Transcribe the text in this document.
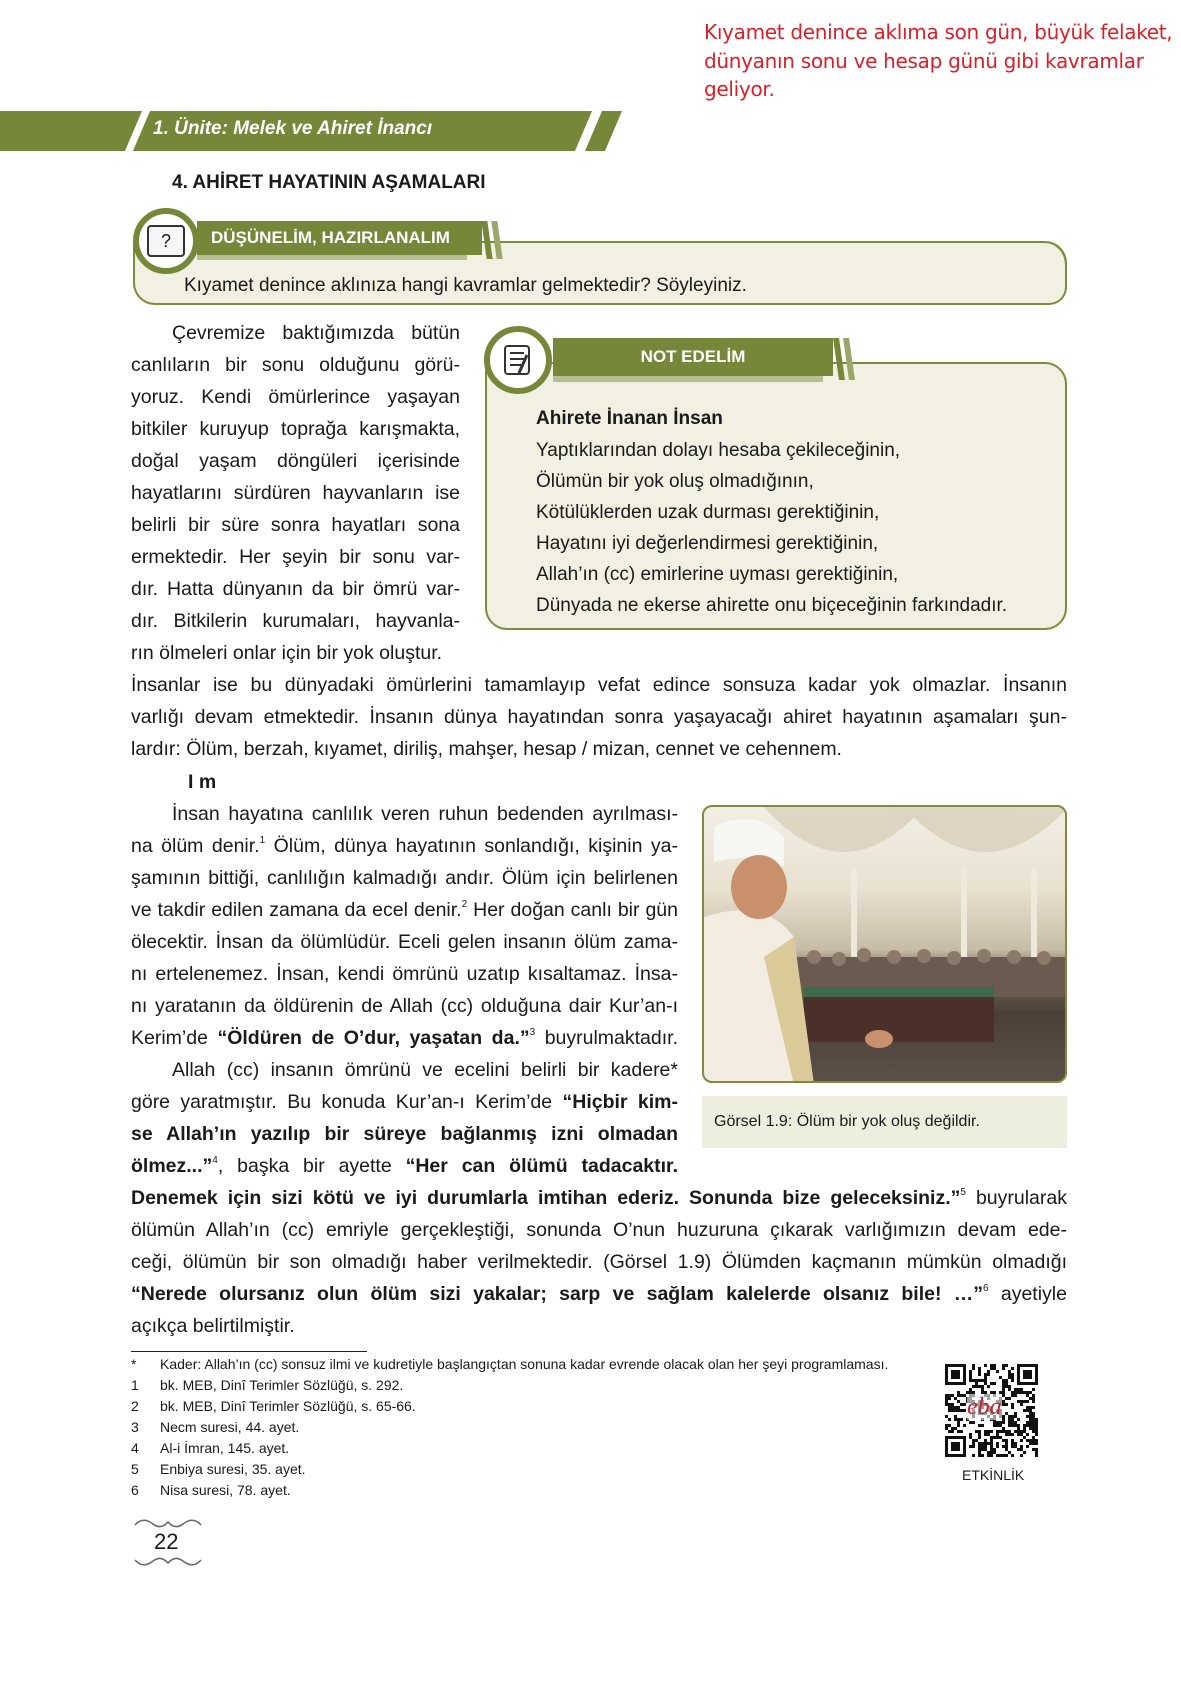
Kıyamet denince aklıma son gün, büyük felaket,
dünyanın sonu ve hesap günü gibi kavramlar
geliyor.
1. Ünite: Melek ve Ahiret İnancı
4. AHİRET HAYATININ AŞAMALARI
DÜŞÜNELİM, HAZIRLANALIM
?
Kıyamet denince aklınıza hangi kavramlar gelmektedir? Söyleyiniz.
NOT EDELİM
Ahirete İnanan İnsan
Yaptıklarından dolayı hesaba çekileceğinin,
Ölümün bir yok oluş olmadığının,
Kötülüklerden uzak durması gerektiğinin,
Hayatını iyi değerlendirmesi gerektiğinin,
Allah’ın (cc) emirlerine uyması gerektiğinin,
Dünyada ne ekerse ahirette onu biçeceğinin farkındadır.
Çevremize baktığımızda bütün
canlıların bir sonu olduğunu görü-
yoruz. Kendi ömürlerince yaşayan
bitkiler kuruyup toprağa karışmakta,
doğal yaşam döngüleri içerisinde
hayatlarını sürdüren hayvanların ise
belirli bir süre sonra hayatları sona
ermektedir. Her şeyin bir sonu var-
dır. Hatta dünyanın da bir ömrü var-
dır. Bitkilerin kurumaları, hayvanla-
rın ölmeleri onlar için bir yok oluştur.
İnsanlar ise bu dünyadaki ömürlerini tamamlayıp vefat edince sonsuza kadar yok olmazlar. İnsanın
varlığı devam etmektedir. İnsanın dünya hayatından sonra yaşayacağı ahiret hayatının aşamaları şun-
lardır: Ölüm, berzah, kıyamet, diriliş, mahşer, hesap / mizan, cennet ve cehennem.
I m
İnsan hayatına canlılık veren ruhun bedenden ayrılması-
na ölüm denir.$^1$ Ölüm, dünya hayatının sonlandığı, kişinin ya-
şamının bittiği, canlılığın kalmadığı andır. Ölüm için belirlenen
ve takdir edilen zamana da ecel denir.$^2$ Her doğan canlı bir gün
ölecektir. İnsan da ölümlüdür. Eceli gelen insanın ölüm zama-
nı ertelenemez. İnsan, kendi ömrünü uzatıp kısaltamaz. İnsa-
nı yaratanın da öldürenin de Allah (cc) olduğuna dair Kur’an-ı
Kerim’de “Öldüren de O’dur, yaşatan da.”$^3$ buyrulmaktadır.
Allah (cc) insanın ömrünü ve ecelini belirli bir kadere*
göre yaratmıştır. Bu konuda Kur’an-ı Kerim’de “Hiçbir kim-
se Allah’ın yazılıp bir süreye bağlanmış izni olmadan
ölmez...”$^4$, başka bir ayette “Her can ölümü tadacaktır.
Denemek için sizi kötü ve iyi durumlarla imtihan ederiz. Sonunda bize geleceksiniz.”$^5$ buyrularak
ölümün Allah’ın (cc) emriyle gerçekleştiği, sonunda O’nun huzuruna çıkarak varlığımızın devam ede-
ceği, ölümün bir son olmadığı haber verilmektedir. (Görsel 1.9) Ölümden kaçmanın mümkün olmadığı
“Nerede olursanız olun ölüm sizi yakalar; sarp ve sağlam kalelerde olsanız bile! …”$^6$ ayetiyle
açıkça belirtilmiştir.
Görsel 1.9: Ölüm bir yok oluş değildir.
* Kader: Allah’ın (cc) sonsuz ilmi ve kudretiyle başlangıçtan sonuna kadar evrende olacak olan her şeyi programlaması.
1 bk. MEB, Dinî Terimler Sözlüğü, s. 292.
2 bk. MEB, Dinî Terimler Sözlüğü, s. 65-66.
3 Necm suresi, 44. ayet.
4 Al-i İmran, 145. ayet.
5 Enbiya suresi, 35. ayet.
6 Nisa suresi, 78. ayet.
eba
ETKİNLİK
22
